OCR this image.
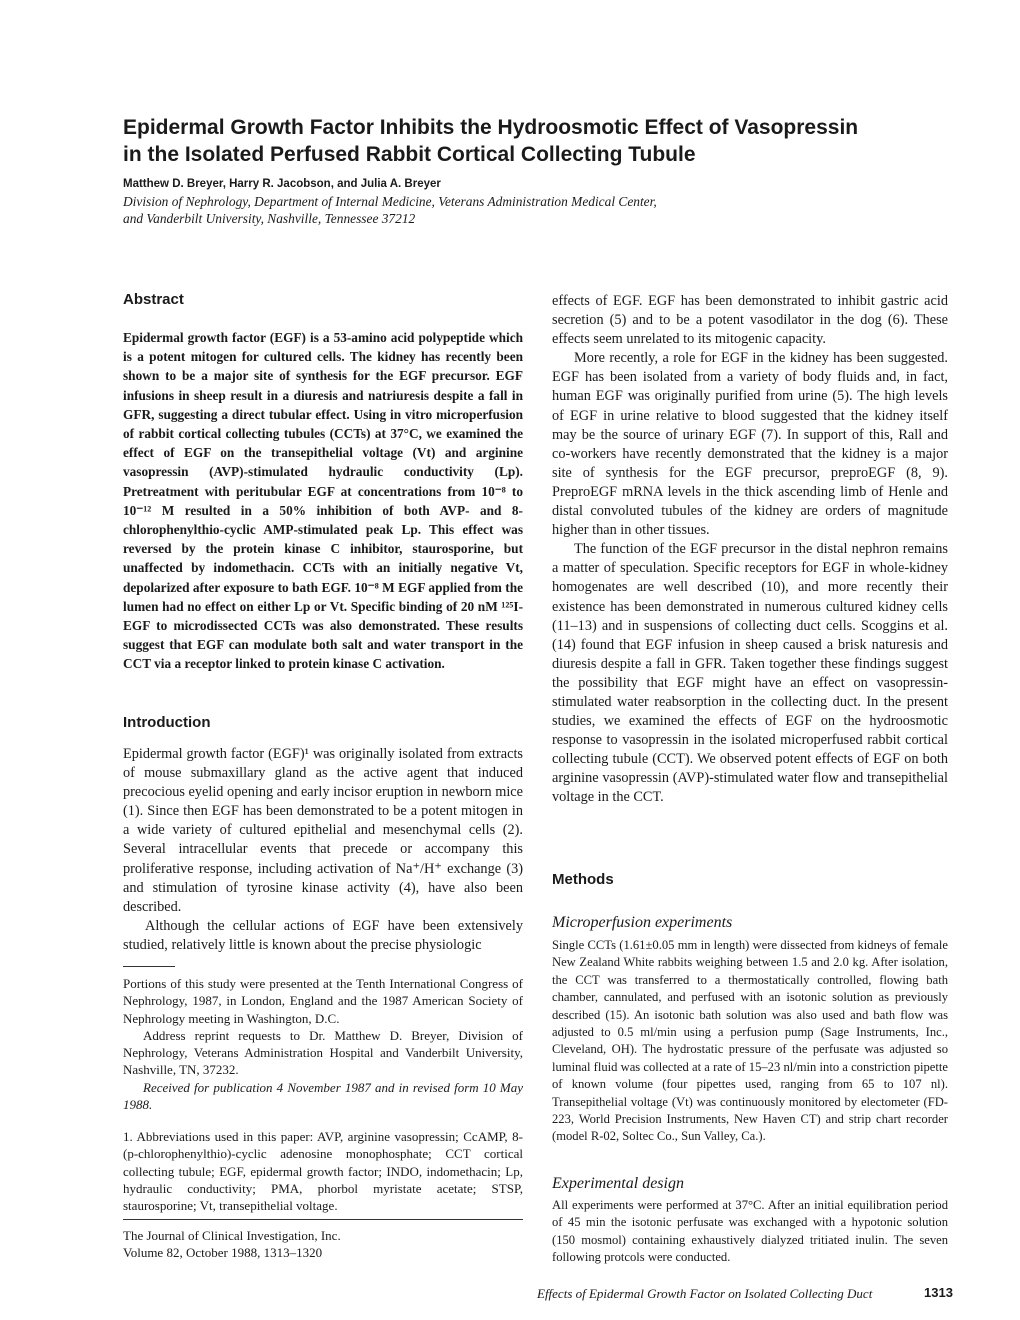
Epidermal Growth Factor Inhibits the Hydroosmotic Effect of Vasopressin
in the Isolated Perfused Rabbit Cortical Collecting Tubule
Matthew D. Breyer, Harry R. Jacobson, and Julia A. Breyer
Division of Nephrology, Department of Internal Medicine, Veterans Administration Medical Center,
and Vanderbilt University, Nashville, Tennessee 37212
Abstract
Epidermal growth factor (EGF) is a 53-amino acid polypeptide which is a potent mitogen for cultured cells. The kidney has recently been shown to be a major site of synthesis for the EGF precursor. EGF infusions in sheep result in a diuresis and natriuresis despite a fall in GFR, suggesting a direct tubular effect. Using in vitro microperfusion of rabbit cortical collecting tubules (CCTs) at 37°C, we examined the effect of EGF on the transepithelial voltage (Vt) and arginine vasopressin (AVP)-stimulated hydraulic conductivity (Lp). Pretreatment with peritubular EGF at concentrations from 10⁻⁸ to 10⁻¹² M resulted in a 50% inhibition of both AVP- and 8-chlorophenylthio-cyclic AMP-stimulated peak Lp. This effect was reversed by the protein kinase C inhibitor, staurosporine, but unaffected by indomethacin. CCTs with an initially negative Vt, depolarized after exposure to bath EGF. 10⁻⁸ M EGF applied from the lumen had no effect on either Lp or Vt. Specific binding of 20 nM ¹²⁵I-EGF to microdissected CCTs was also demonstrated. These results suggest that EGF can modulate both salt and water transport in the CCT via a receptor linked to protein kinase C activation.
Introduction

Epidermal growth factor (EGF)¹ was originally isolated from extracts of mouse submaxillary gland as the active agent that induced precocious eyelid opening and early incisor eruption in newborn mice (1). Since then EGF has been demonstrated to be a potent mitogen in a wide variety of cultured epithelial and mesenchymal cells (2). Several intracellular events that precede or accompany this proliferative response, including activation of Na⁺/H⁺ exchange (3) and stimulation of tyrosine kinase activity (4), have also been described.

Although the cellular actions of EGF have been extensively studied, relatively little is known about the precise physiologic

Portions of this study were presented at the Tenth International Congress of Nephrology, 1987, in London, England and the 1987 American Society of Nephrology meeting in Washington, D.C.

Address reprint requests to Dr. Matthew D. Breyer, Division of Nephrology, Veterans Administration Hospital and Vanderbilt University, Nashville, TN, 37232.

Received for publication 4 November 1987 and in revised form 10 May 1988.

1. Abbreviations used in this paper: AVP, arginine vasopressin; CcAMP, 8-(p-chlorophenylthio)-cyclic adenosine monophosphate; CCT cortical collecting tubule; EGF, epidermal growth factor; INDO, indomethacin; Lp, hydraulic conductivity; PMA, phorbol myristate acetate; STSP, staurosporine; Vt, transepithelial voltage.
The Journal of Clinical Investigation, Inc.
Volume 82, October 1988, 1313–1320

effects of EGF. EGF has been demonstrated to inhibit gastric acid secretion (5) and to be a potent vasodilator in the dog (6). These effects seem unrelated to its mitogenic capacity.

More recently, a role for EGF in the kidney has been suggested. EGF has been isolated from a variety of body fluids and, in fact, human EGF was originally purified from urine (5). The high levels of EGF in urine relative to blood suggested that the kidney itself may be the source of urinary EGF (7). In support of this, Rall and co-workers have recently demonstrated that the kidney is a major site of synthesis for the EGF precursor, preproEGF (8, 9). PreproEGF mRNA levels in the thick ascending limb of Henle and distal convoluted tubules of the kidney are orders of magnitude higher than in other tissues.

The function of the EGF precursor in the distal nephron remains a matter of speculation. Specific receptors for EGF in whole-kidney homogenates are well described (10), and more recently their existence has been demonstrated in numerous cultured kidney cells (11–13) and in suspensions of collecting duct cells. Scoggins et al. (14) found that EGF infusion in sheep caused a brisk naturesis and diuresis despite a fall in GFR. Taken together these findings suggest the possibility that EGF might have an effect on vasopressin-stimulated water reabsorption in the collecting duct. In the present studies, we examined the effects of EGF on the hydroosmotic response to vasopressin in the isolated microperfused rabbit cortical collecting tubule (CCT). We observed potent effects of EGF on both arginine vasopressin (AVP)-stimulated water flow and transepithelial voltage in the CCT.

Methods
Microperfusion experiments
Single CCTs (1.61±0.05 mm in length) were dissected from kidneys of female New Zealand White rabbits weighing between 1.5 and 2.0 kg. After isolation, the CCT was transferred to a thermostatically controlled, flowing bath chamber, cannulated, and perfused with an isotonic solution as previously described (15). An isotonic bath solution was also used and bath flow was adjusted to 0.5 ml/min using a perfusion pump (Sage Instruments, Inc., Cleveland, OH). The hydrostatic pressure of the perfusate was adjusted so luminal fluid was collected at a rate of 15–23 nl/min into a constriction pipette of known volume (four pipettes used, ranging from 65 to 107 nl). Transepithelial voltage (Vt) was continuously monitored by electometer (FD-223, World Precision Instruments, New Haven CT) and strip chart recorder (model R-02, Soltec Co., Sun Valley, Ca.).
Experimental design
All experiments were performed at 37°C. After an initial equilibration period of 45 min the isotonic perfusate was exchanged with a hypotonic solution (150 mosmol) containing exhaustively dialyzed tritiated inulin. The seven following protcols were conducted.
Effects of Epidermal Growth Factor on Isolated Collecting Duct	1313
